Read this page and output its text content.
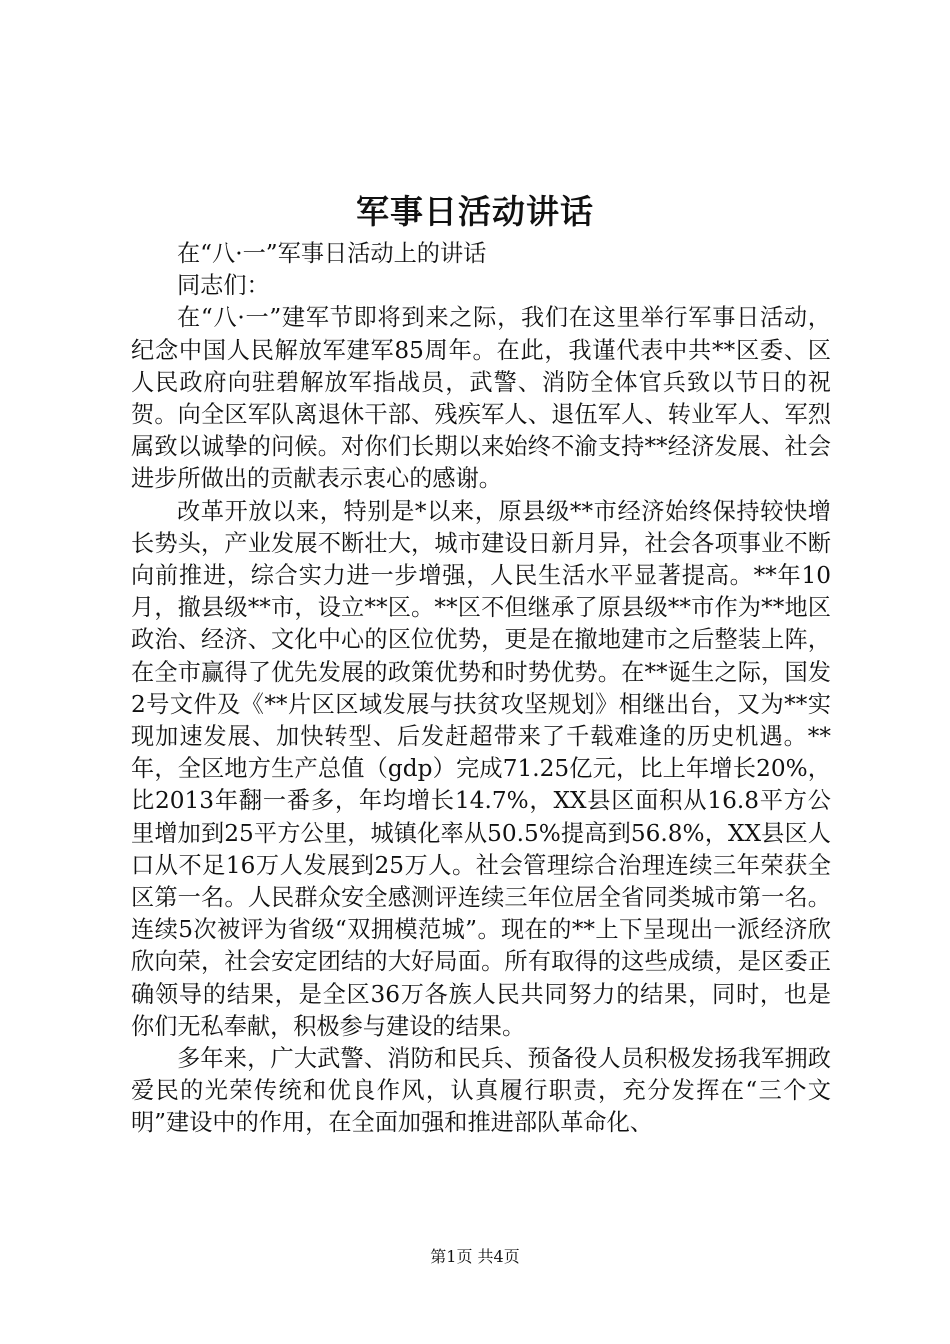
军事日活动讲话

在“八·一”军事日活动上的讲话

同志们：

在“八·一”建军节即将到来之际，我们在这里举行军事日活动，纪念中国人民解放军建军85周年。在此，我谨代表中共**区委、区人民政府向驻碧解放军指战员，武警、消防全体官兵致以节日的祝贺。向全区军队离退休干部、残疾军人、退伍军人、转业军人、军烈属致以诚挚的问候。对你们长期以来始终不渝支持**经济发展、社会进步所做出的贡献表示衷心的感谢。

改革开放以来，特别是*以来，原县级**市经济始终保持较快增长势头，产业发展不断壮大，城市建设日新月异，社会各项事业不断向前推进，综合实力进一步增强，人民生活水平显著提高。**年10月，撤县级**市，设立**区。**区不但继承了原县级**市作为**地区政治、经济、文化中心的区位优势，更是在撤地建市之后整装上阵，在全市赢得了优先发展的政策优势和时势优势。在**诞生之际，国发2号文件及《**片区区域发展与扶贫攻坚规划》相继出台，又为**实现加速发展、加快转型、后发赶超带来了千载难逢的历史机遇。**年，全区地方生产总值（gdp）完成71.25亿元，比上年增长20%，比2013年翻一番多，年均增长14.7%，XX县区面积从16.8平方公里增加到25平方公里，城镇化率从50.5%提高到56.8%，XX县区人口从不足16万人发展到25万人。社会管理综合治理连续三年荣获全区第一名。人民群众安全感测评连续三年位居全省同类城市第一名。连续5次被评为省级“双拥模范城”。现在的**上下呈现出一派经济欣欣向荣，社会安定团结的大好局面。所有取得的这些成绩，是区委正确领导的结果，是全区36万各族人民共同努力的结果，同时，也是你们无私奉献，积极参与建设的结果。

多年来，广大武警、消防和民兵、预备役人员积极发扬我军拥政爱民的光荣传统和优良作风，认真履行职责，充分发挥在“三个文明”建设中的作用，在全面加强和推进部队革命化、

第1页 共4页
